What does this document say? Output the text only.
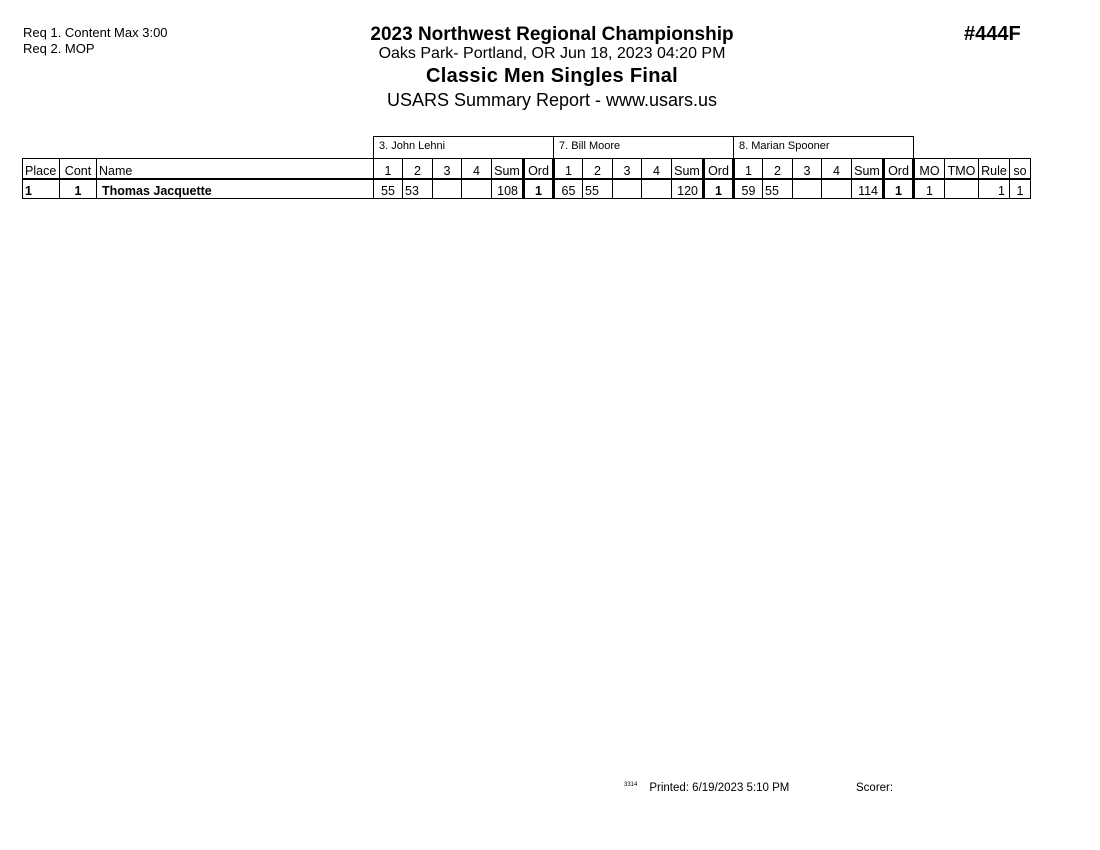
Req 1. Content Max 3:00
Req 2. MOP
#444F
2023 Northwest Regional Championship
Oaks Park- Portland, OR Jun 18, 2023 04:20 PM
Classic Men Singles Final
USARS Summary Report - www.usars.us
			3. John Lehni						7. Bill Moore						8. Marian Spooner									
Place	Cont	Name	1	2	3	4	Sum	Ord	1	2	3	4	Sum	Ord	1	2	3	4	Sum	Ord	MO	TMO	Rule	so
1	1	Thomas Jacquette	55	53			108	1	65	55			120	1	59	55			114	1	1		1	1
$^{3314}$ Printed: 6/19/2023 5:10 PM	Scorer:
